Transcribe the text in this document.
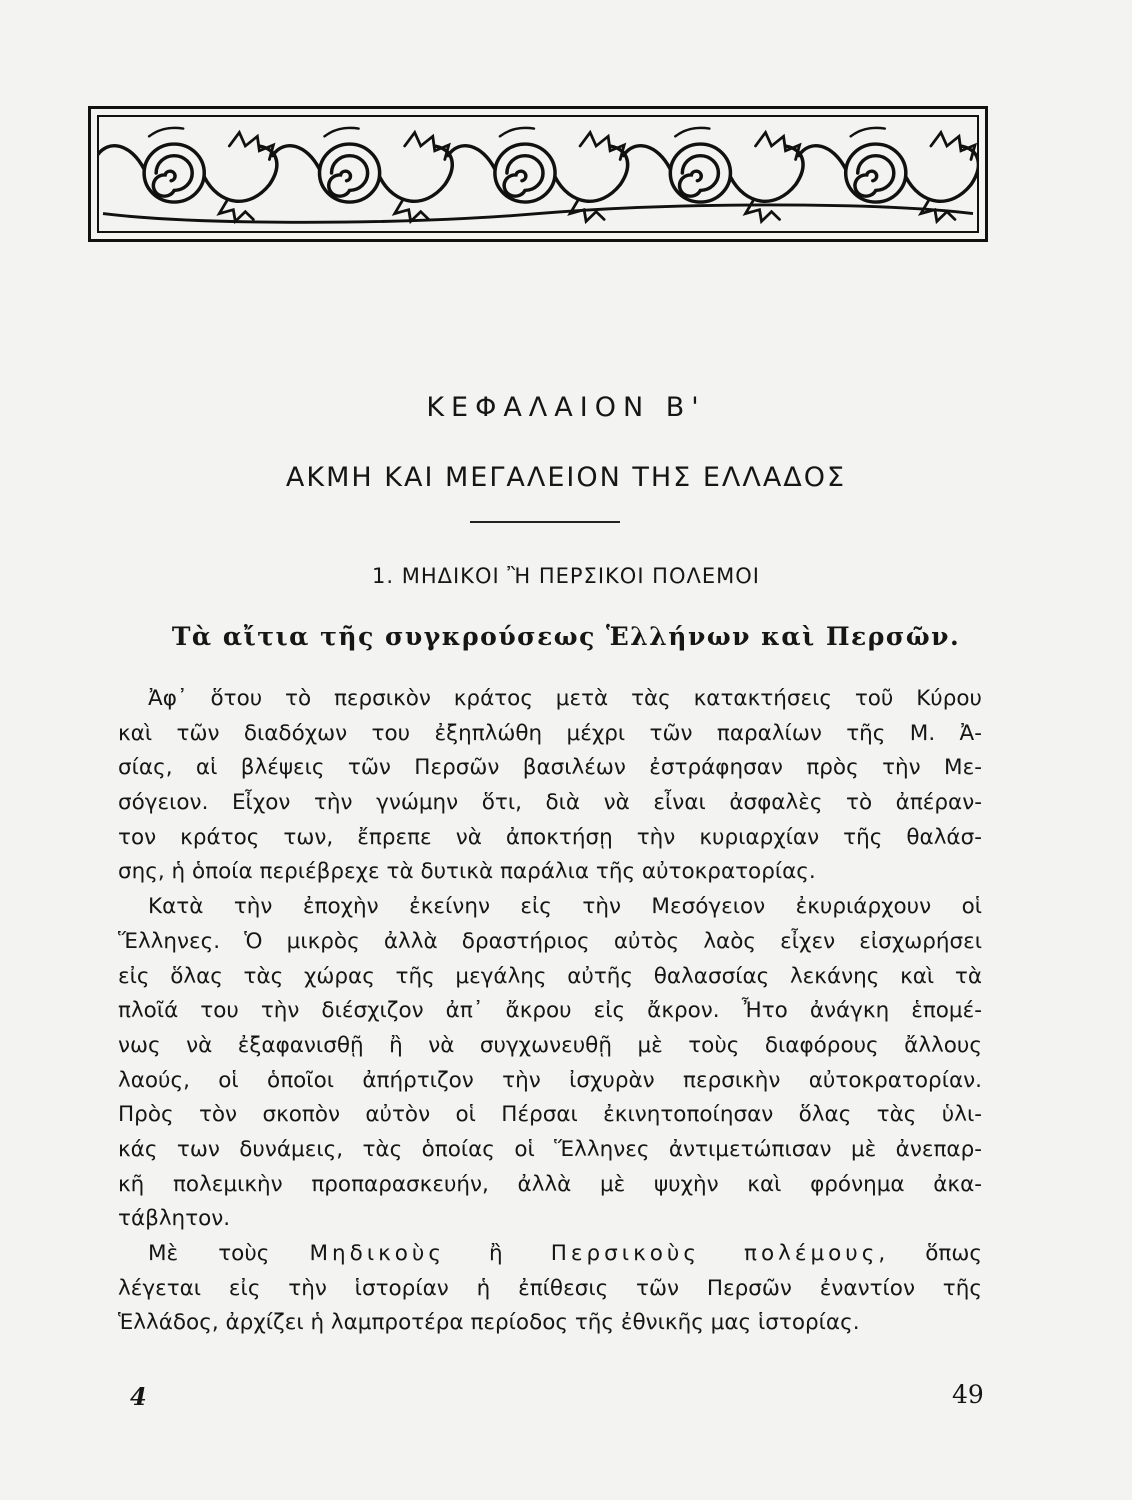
ΚΕΦΑΛΑΙΟΝ Β'
ΑΚΜΗ ΚΑΙ ΜΕΓΑΛΕΙΟΝ ΤΗΣ ΕΛΛΑΔΟΣ
1. ΜΗΔΙΚΟΙ Ἢ ΠΕΡΣΙΚΟΙ ΠΟΛΕΜΟΙ
Τὰ αἴτια τῆς συγκρούσεως Ἑλλήνων καὶ Περσῶν.
Ἀφ᾽ ὅτου τὸ περσικὸν κράτος μετὰ τὰς κατακτήσεις τοῦ Κύρου
καὶ τῶν διαδόχων του ἐξηπλώθη μέχρι τῶν παραλίων τῆς Μ. Ἀ-
σίας, αἱ βλέψεις τῶν Περσῶν βασιλέων ἐστράφησαν πρὸς τὴν Με-
σόγειον. Εἶχον τὴν γνώμην ὅτι, διὰ νὰ εἶναι ἀσφαλὲς τὸ ἀπέραν-
τον κράτος των, ἔπρεπε νὰ ἀποκτήσῃ τὴν κυριαρχίαν τῆς θαλάσ-
σης, ἡ ὁποία περιέβρεχε τὰ δυτικὰ παράλια τῆς αὐτοκρατορίας.
Κατὰ τὴν ἐποχὴν ἐκείνην εἰς τὴν Μεσόγειον ἐκυριάρχουν οἱ
Ἕλληνες. Ὁ μικρὸς ἀλλὰ δραστήριος αὐτὸς λαὸς εἶχεν εἰσχωρήσει
εἰς ὅλας τὰς χώρας τῆς μεγάλης αὐτῆς θαλασσίας λεκάνης καὶ τὰ
πλοῖά του τὴν διέσχιζον ἀπ᾽ ἄκρου εἰς ἄκρον. Ἦτο ἀνάγκη ἑπομέ-
νως νὰ ἐξαφανισθῇ ἢ νὰ συγχωνευθῇ μὲ τοὺς διαφόρους ἄλλους
λαούς, οἱ ὁποῖοι ἀπήρτιζον τὴν ἰσχυρὰν περσικὴν αὐτοκρατορίαν.
Πρὸς τὸν σκοπὸν αὐτὸν οἱ Πέρσαι ἐκινητοποίησαν ὅλας τὰς ὑλι-
κάς των δυνάμεις, τὰς ὁποίας οἱ Ἕλληνες ἀντιμετώπισαν μὲ ἀνεπαρ-
κῆ πολεμικὴν προπαρασκευήν, ἀλλὰ μὲ ψυχὴν καὶ φρόνημα ἀκα-
τάβλητον.
Μὲ τοὺς Μηδικοὺς ἢ Περσικοὺς πολέμους, ὅπως
λέγεται εἰς τὴν ἱστορίαν ἡ ἐπίθεσις τῶν Περσῶν ἐναντίον τῆς
Ἑλλάδος, ἀρχίζει ἡ λαμπροτέρα περίοδος τῆς ἐθνικῆς μας ἱστορίας.
4	49
